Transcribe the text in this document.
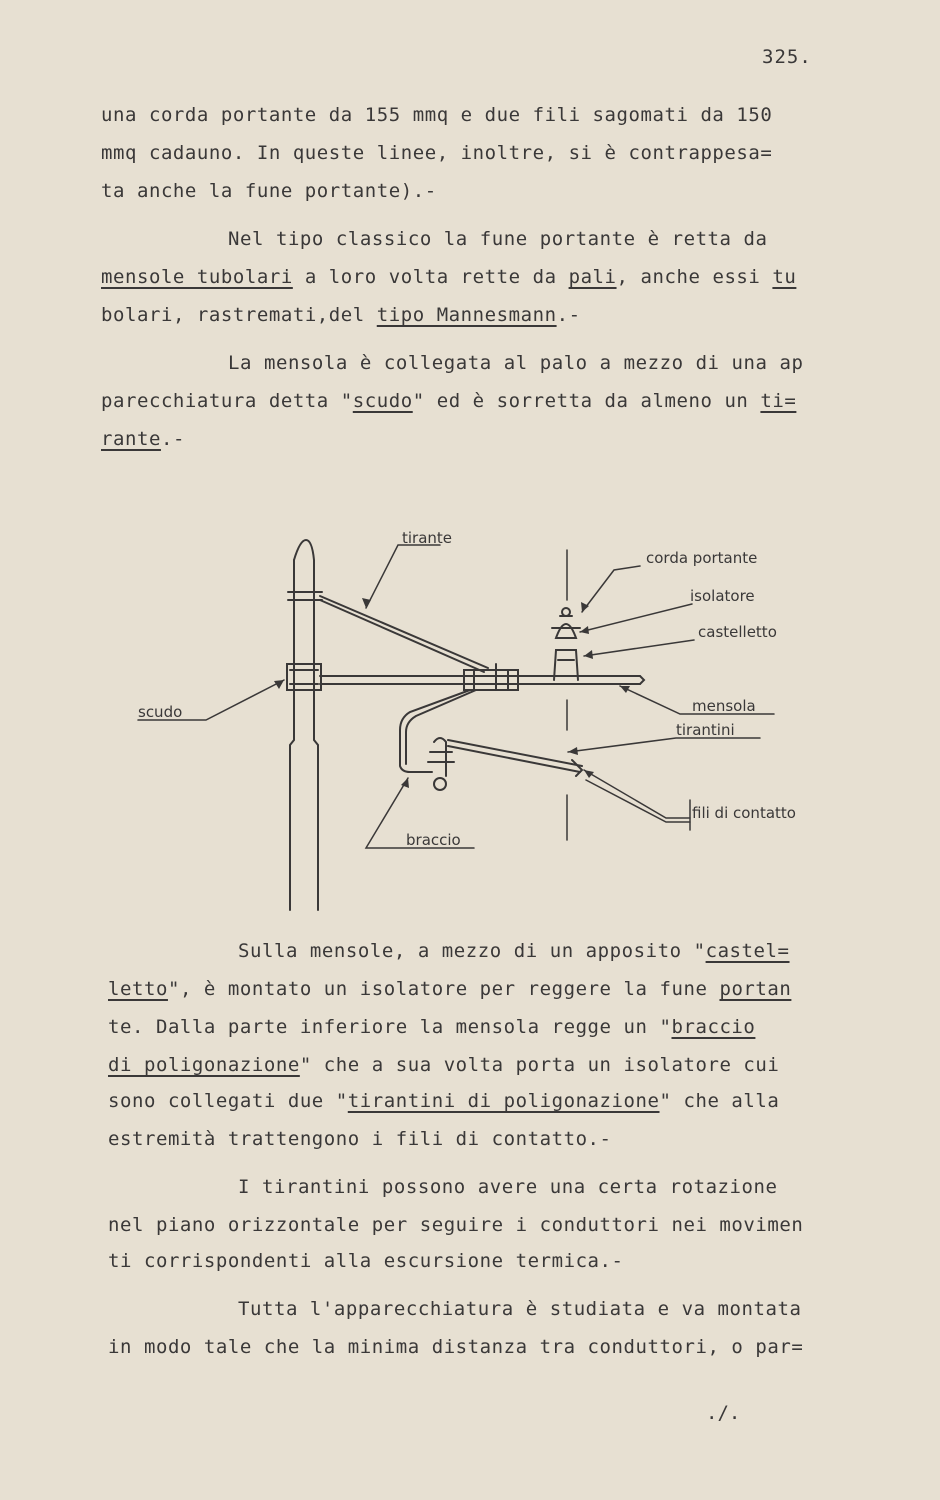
325.
una corda portante da 155 mmq e due fili sagomati da 150
mmq cadauno. In queste linee, inoltre, si è contrappesa=
ta anche la fune portante).-
Nel tipo classico la fune portante è retta da
mensole tubolari a loro volta rette da pali, anche essi tu
bolari, rastremati,del tipo Mannesmann.-
La mensola è collegata al palo a mezzo di una ap
parecchiatura detta "scudo" ed è sorretta da almeno un ti=
rante.-
tirante
corda portante
isolatore
castelletto
scudo	mensola
tirantini
fili di contatto
braccio
Sulla mensole, a mezzo di un apposito "castel=
letto", è montato un isolatore per reggere la fune portan
te. Dalla parte inferiore la mensola regge un "braccio
di poligonazione" che a sua volta porta un isolatore cui
sono collegati due "tirantini di poligonazione" che alla
estremità trattengono i fili di contatto.-
I tirantini possono avere una certa rotazione
nel piano orizzontale per seguire i conduttori nei movimen
ti corrispondenti alla escursione termica.-
Tutta l'apparecchiatura è studiata e va montata
in modo tale che la minima distanza tra conduttori, o par=
./.
